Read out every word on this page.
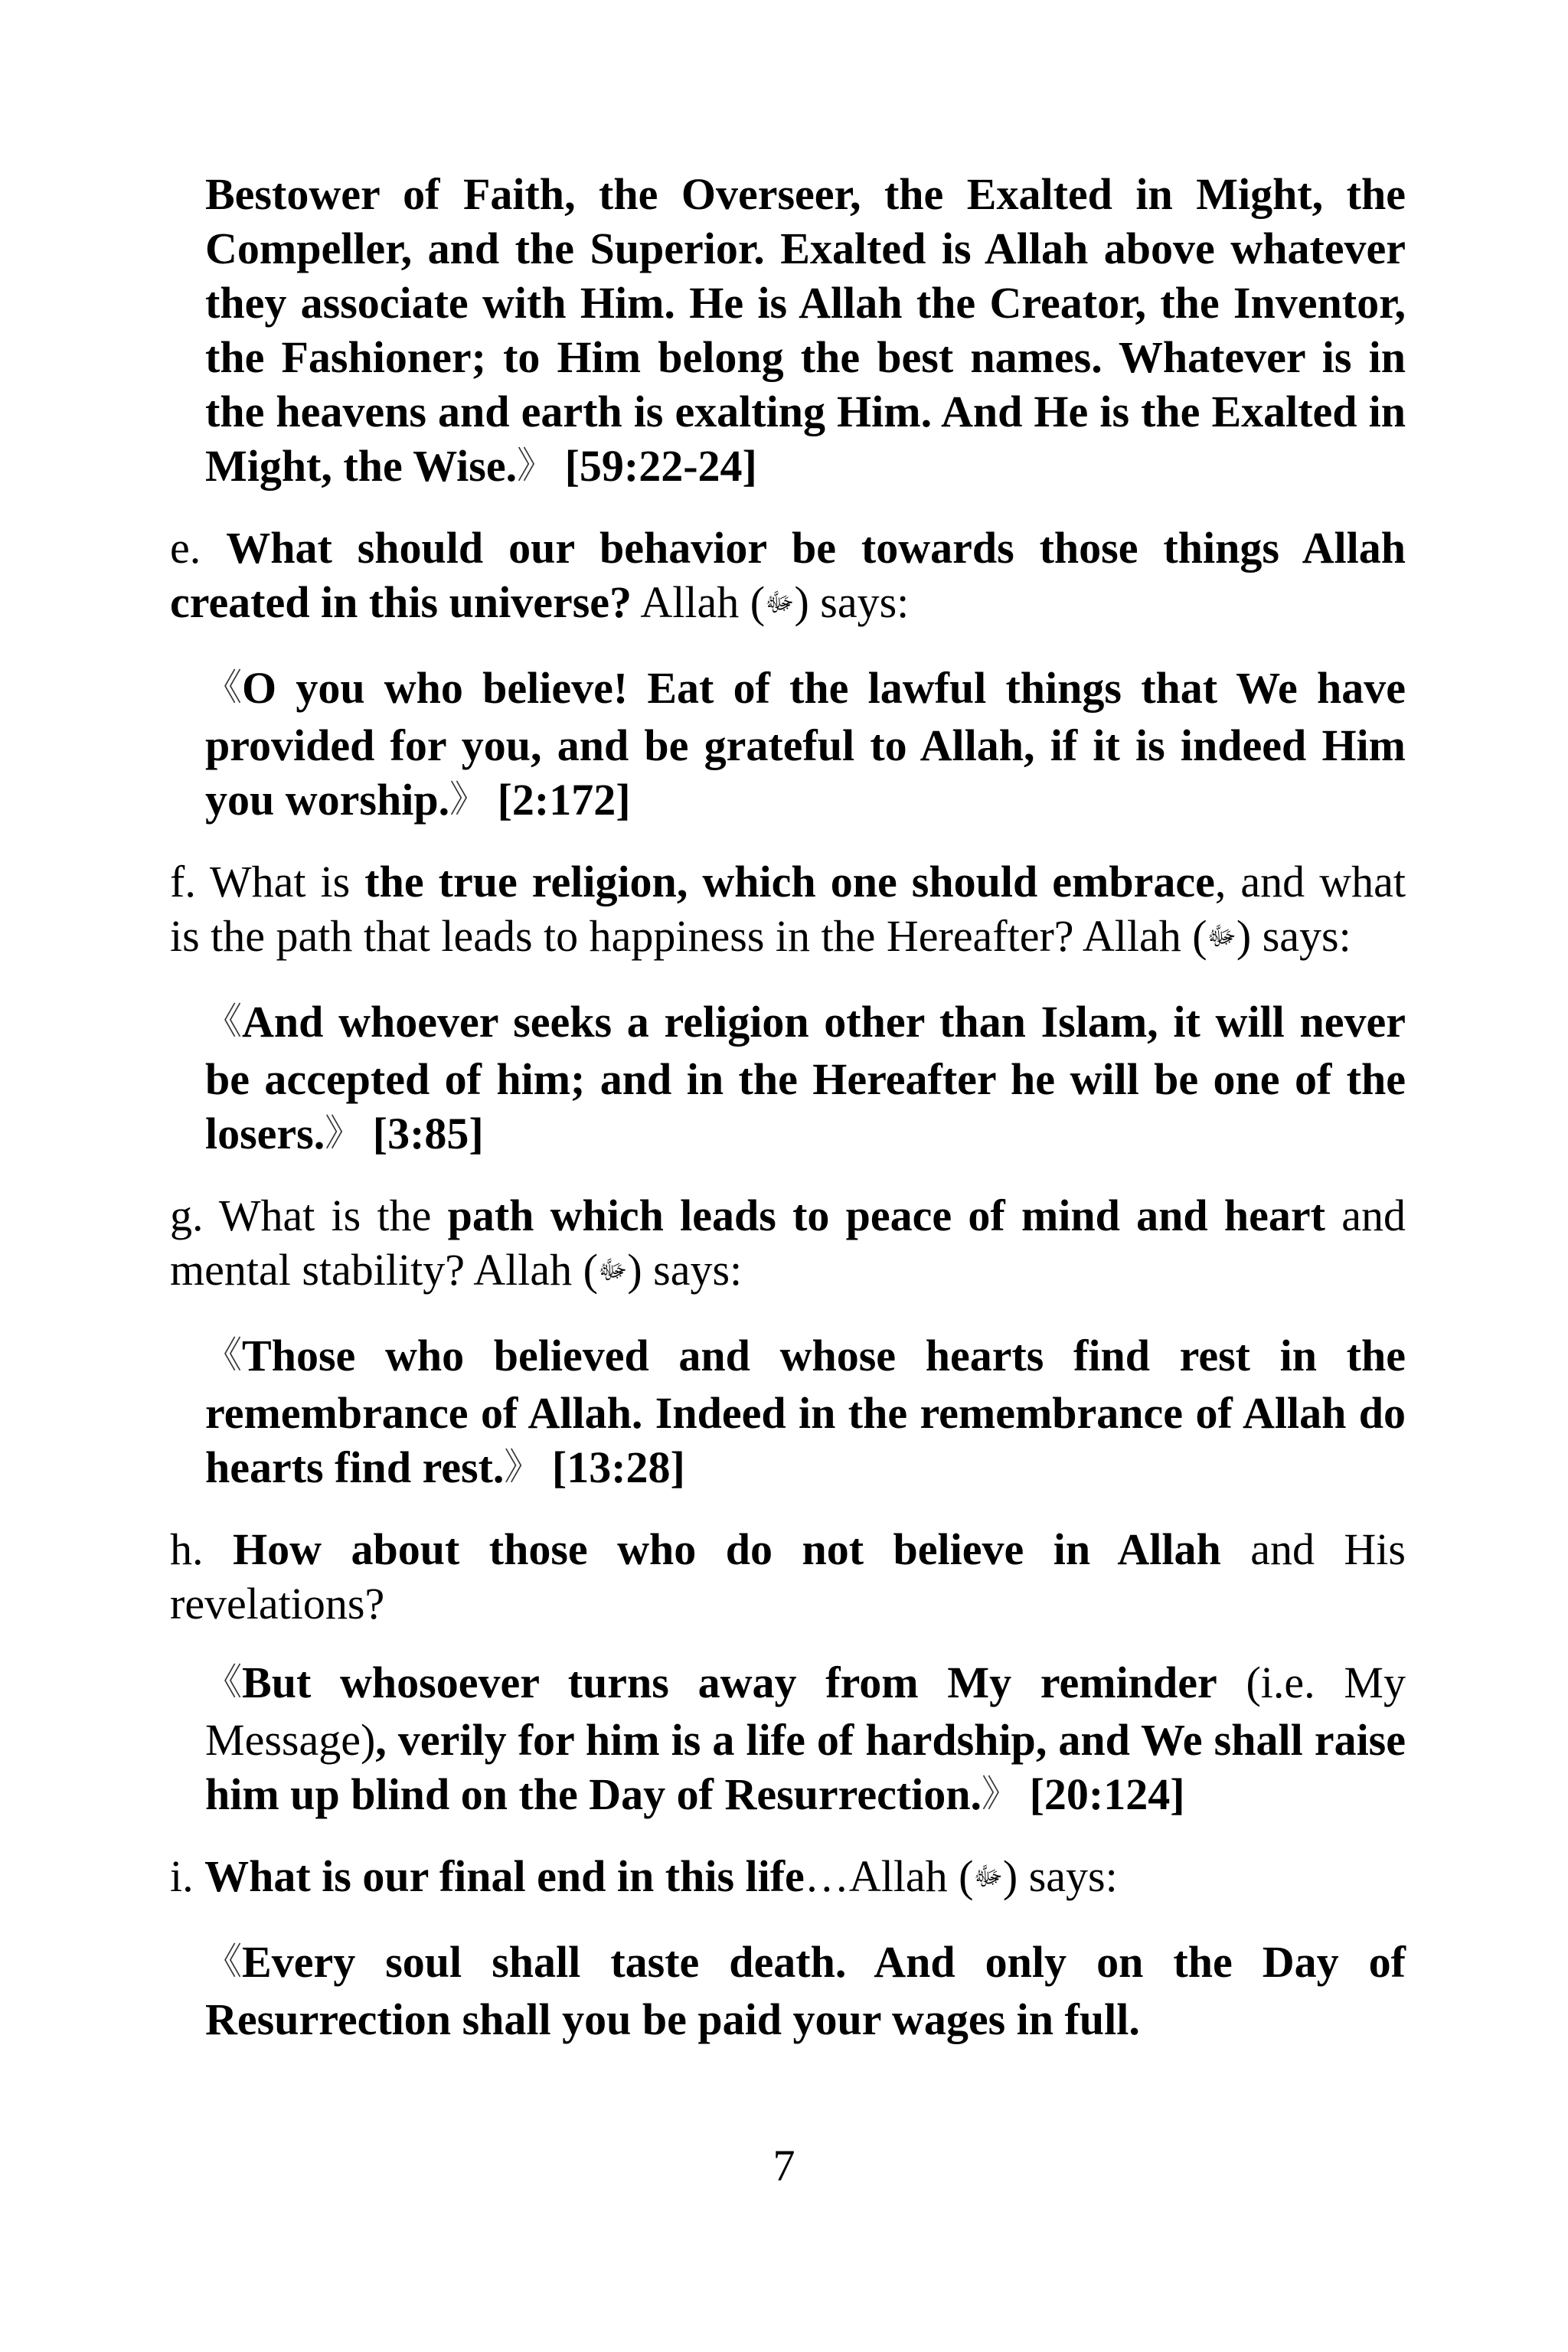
Bestower of Faith, the Overseer, the Exalted in Might, the Compeller, and the Superior. Exalted is Allah above whatever they associate with Him. He is Allah the Creator, the Inventor, the Fashioner; to Him belong the best names. Whatever is in the heavens and earth is exalting Him. And He is the Exalted in Might, the Wise.》 [59:22-24]

e. What should our behavior be towards those things Allah created in this universe? Allah (ﷻ) says:

《O you who believe! Eat of the lawful things that We have provided for you, and be grateful to Allah, if it is indeed Him you worship.》 [2:172]

f. What is the true religion, which one should embrace, and what is the path that leads to happiness in the Hereafter? Allah (ﷻ) says:

《And whoever seeks a religion other than Islam, it will never be accepted of him; and in the Hereafter he will be one of the losers.》 [3:85]

g. What is the path which leads to peace of mind and heart and mental stability? Allah (ﷻ) says:

《Those who believed and whose hearts find rest in the remembrance of Allah. Indeed in the remembrance of Allah do hearts find rest.》 [13:28]

h. How about those who do not believe in Allah and His revelations?

《But whosoever turns away from My reminder (i.e. My Message), verily for him is a life of hardship, and We shall raise him up blind on the Day of Resurrection.》 [20:124]

i. What is our final end in this life…Allah (ﷻ) says:

《Every soul shall taste death. And only on the Day of Resurrection shall you be paid your wages in full.

7
